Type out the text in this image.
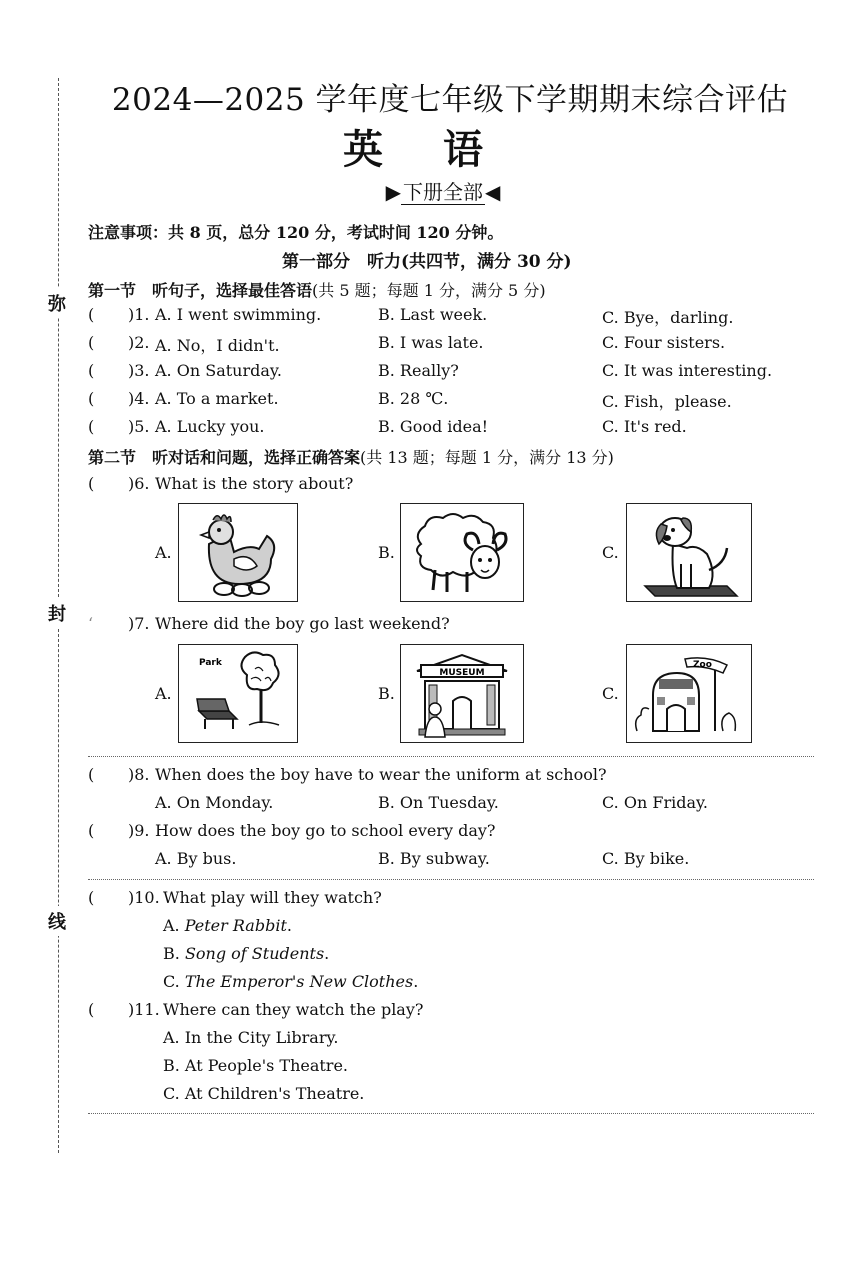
弥
封
线
2024—2025 学年度七年级下学期期末综合评估
英语
▶ 下册全部 ◀
注意事项：共 8 页，总分 120 分，考试时间 120 分钟。
第一部分　听力(共四节，满分 30 分)
第一节　听句子，选择最佳答语(共 5 题；每题 1 分，满分 5 分)
( )1. A. I went swimming.	B. Last week.	C. Bye，darling.
( )2. A. No，I didn't.	B. I was late.	C. Four sisters.
( )3. A. On Saturday.	B. Really?	C. It was interesting.
( )4. A. To a market.	B. 28 ℃.	C. Fish，please.
( )5. A. Lucky you.	B. Good idea!	C. It's red.
第二节　听对话和问题，选择正确答案(共 13 题；每题 1 分，满分 13 分)
( )6. What is the story about?
A.	B.	C.
‘ )7. Where did the boy go last weekend?
A.
Park
B.
MUSEUM
C.
Zoo
( )8. When does the boy have to wear the uniform at school?
A. On Monday.	B. On Tuesday.	C. On Friday.
( )9. How does the boy go to school every day?
A. By bus.	B. By subway.	C. By bike.
( )10. What play will they watch?
A. Peter Rabbit.
B. Song of Students.
C. The Emperor's New Clothes.
( )11. Where can they watch the play?
A. In the City Library.
B. At People's Theatre.
C. At Children's Theatre.
